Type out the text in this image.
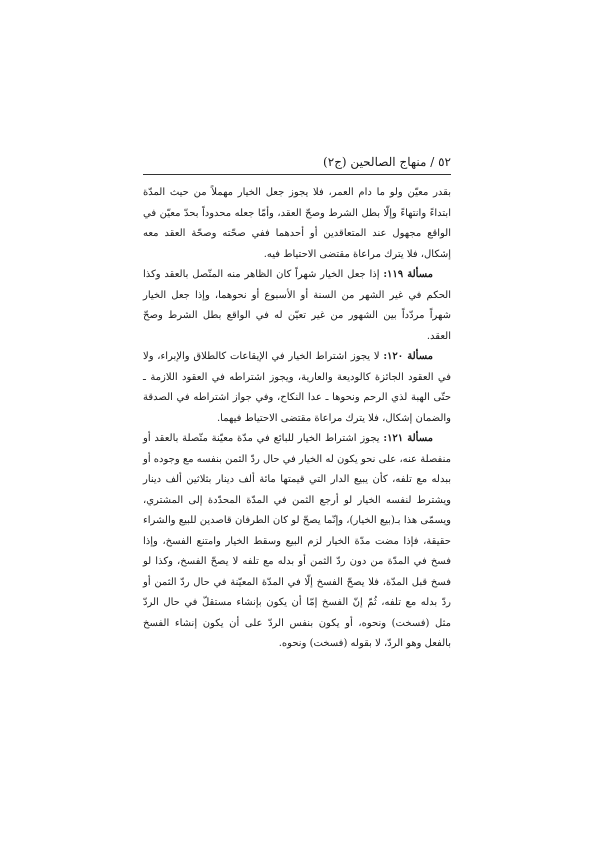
٥٢ / منهاج الصالحين (ج٢)

بقدر معيّن ولو ما دام العمر، فلا يجوز جعل الخيار مهملاً من حيث المدّة ابتداءً وانتهاءً وإلّا بطل الشرط وصحّ العقد، وأمّا جعله محدوداً بحدّ معيّن في الواقع مجهول عند المتعاقدين أو أحدهما ففي صحّته وصحّة العقد معه إشكال، فلا يترك مراعاة مقتضى الاحتياط فيه.

مسألة ١١٩: إذا جعل الخيار شهراً كان الظاهر منه المتّصل بالعقد وكذا الحكم في غير الشهر من السنة أو الأسبوع أو نحوهما، وإذا جعل الخيار شهراً مردّداً بين الشهور من غير تعيّن له في الواقع بطل الشرط وصحّ العقد.

مسألة ١٢٠: لا يجوز اشتراط الخيار في الإيقاعات كالطلاق والإبراء، ولا في العقود الجائزة كالوديعة والعارية، ويجوز اشتراطه في العقود اللازمة ـ حتّى الهبة لذي الرحم ونحوها ـ عدا النكاح، وفي جواز اشتراطه في الصدقة والضمان إشكال، فلا يترك مراعاة مقتضى الاحتياط فيهما.

مسألة ١٢١: يجوز اشتراط الخيار للبائع في مدّة معيّنة متّصلة بالعقد أو منفصلة عنه، على نحو يكون له الخيار في حال ردّ الثمن بنفسه مع وجوده أو ببدله مع تلفه، كأن يبيع الدار التي قيمتها مائة ألف دينار بثلاثين ألف دينار ويشترط لنفسه الخيار لو أرجع الثمن في المدّة المحدّدة إلى المشتري، ويسمّى هذا بـ(بيع الخيار)، وإنّما يصحّ لو كان الطرفان قاصدين للبيع والشراء حقيقة، فإذا مضت مدّة الخيار لزم البيع وسقط الخيار وامتنع الفسخ، وإذا فسخ في المدّة من دون ردّ الثمن أو بدله مع تلفه لا يصحّ الفسخ، وكذا لو فسخ قبل المدّة، فلا يصحّ الفسخ إلّا في المدّة المعيّنة في حال ردّ الثمن أو ردّ بدله مع تلفه، ثُمّ إنّ الفسخ إمّا أن يكون بإنشاء مستقلّ في حال الردّ مثل (فسخت) ونحوه، أو يكون بنفس الردّ على أن يكون إنشاء الفسخ بالفعل وهو الردّ، لا بقوله (فسخت) ونحوه.
